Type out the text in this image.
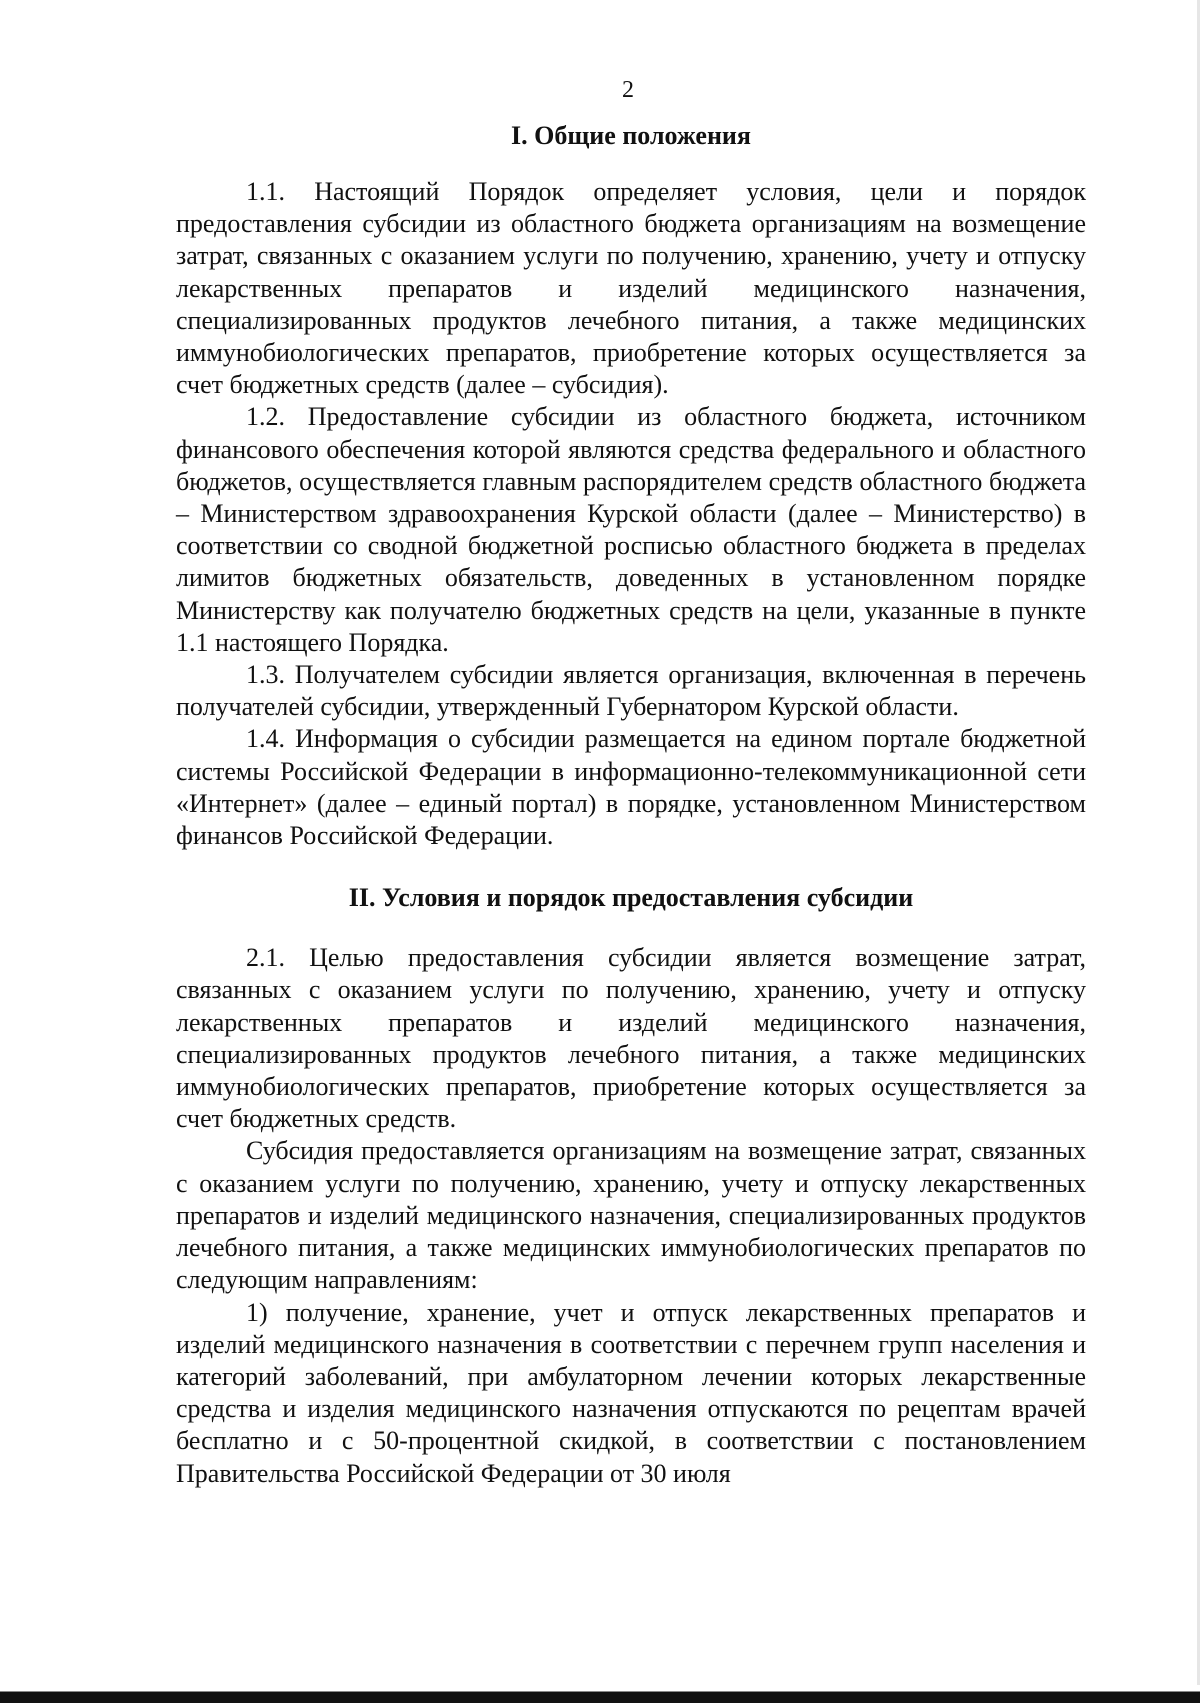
2
I. Общие положения

1.1. Настоящий Порядок определяет условия, цели и порядок предоставления субсидии из областного бюджета организациям на возмещение затрат, связанных с оказанием услуги по получению, хранению, учету и отпуску лекарственных препаратов и изделий медицинского назначения, специализированных продуктов лечебного питания, а также медицинских иммунобиологических препаратов, приобретение которых осуществляется за счет бюджетных средств (далее – субсидия).

1.2. Предоставление субсидии из областного бюджета, источником финансового обеспечения которой являются средства федерального и областного бюджетов, осуществляется главным распорядителем средств областного бюджета – Министерством здравоохранения Курской области (далее – Министерство) в соответствии со сводной бюджетной росписью областного бюджета в пределах лимитов бюджетных обязательств, доведенных в установленном порядке Министерству как получателю бюджетных средств на цели, указанные в пункте 1.1 настоящего Порядка.

1.3. Получателем субсидии является организация, включенная в перечень получателей субсидии, утвержденный Губернатором Курской области.

1.4. Информация о субсидии размещается на едином портале бюджетной системы Российской Федерации в информационно-телекоммуникационной сети «Интернет» (далее – единый портал) в порядке, установленном Министерством финансов Российской Федерации.

II. Условия и порядок предоставления субсидии

2.1. Целью предоставления субсидии является возмещение затрат, связанных с оказанием услуги по получению, хранению, учету и отпуску лекарственных препаратов и изделий медицинского назначения, специализированных продуктов лечебного питания, а также медицинских иммунобиологических препаратов, приобретение которых осуществляется за счет бюджетных средств.

Субсидия предоставляется организациям на возмещение затрат, связанных с оказанием услуги по получению, хранению, учету и отпуску лекарственных препаратов и изделий медицинского назначения, специализированных продуктов лечебного питания, а также медицинских иммунобиологических препаратов по следующим направлениям:

1) получение, хранение, учет и отпуск лекарственных препаратов и изделий медицинского назначения в соответствии с перечнем групп населения и категорий заболеваний, при амбулаторном лечении которых лекарственные средства и изделия медицинского назначения отпускаются по рецептам врачей бесплатно и с 50-процентной скидкой, в соответствии с постановлением Правительства Российской Федерации от 30 июля
